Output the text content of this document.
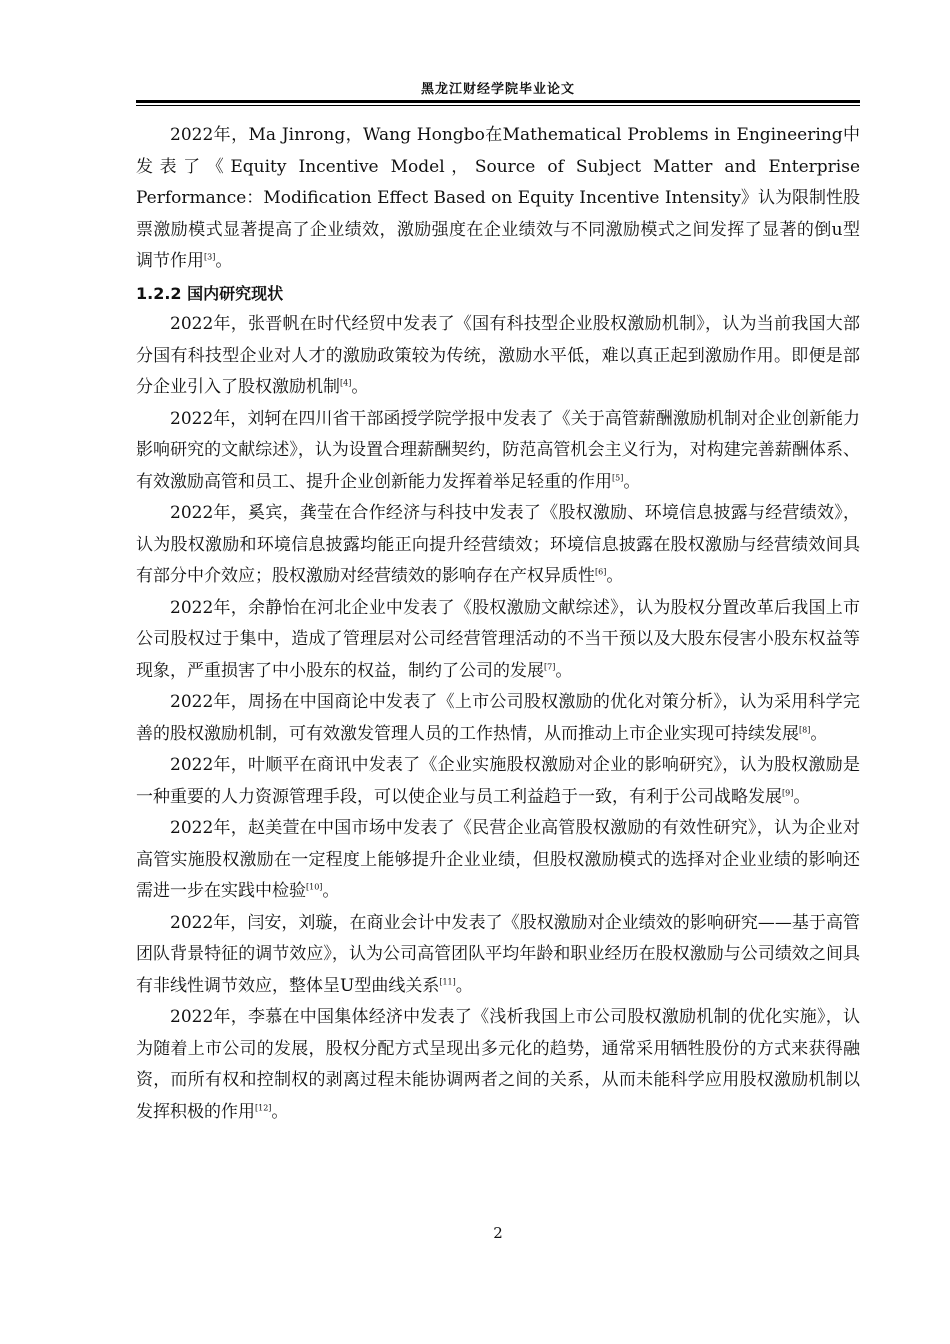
黑龙江财经学院毕业论文

2022年，Ma Jinrong，Wang Hongbo在Mathematical Problems in Engineering中发表了《Equity Incentive Model，Source of Subject Matter and Enterprise Performance：Modification Effect Based on Equity Incentive Intensity》认为限制性股票激励模式显著提高了企业绩效，激励强度在企业绩效与不同激励模式之间发挥了显著的倒u型调节作用[3]。

1.2.2 国内研究现状

2022年，张晋帆在时代经贸中发表了《国有科技型企业股权激励机制》，认为当前我国大部分国有科技型企业对人才的激励政策较为传统，激励水平低，难以真正起到激励作用。即便是部分企业引入了股权激励机制[4]。

2022年，刘轲在四川省干部函授学院学报中发表了《关于高管薪酬激励机制对企业创新能力影响研究的文献综述》，认为设置合理薪酬契约，防范高管机会主义行为，对构建完善薪酬体系、有效激励高管和员工、提升企业创新能力发挥着举足轻重的作用[5]。

2022年，奚宾，龚莹在合作经济与科技中发表了《股权激励、环境信息披露与经营绩效》，认为股权激励和环境信息披露均能正向提升经营绩效；环境信息披露在股权激励与经营绩效间具有部分中介效应；股权激励对经营绩效的影响存在产权异质性[6]。

2022年，余静怡在河北企业中发表了《股权激励文献综述》，认为股权分置改革后我国上市公司股权过于集中，造成了管理层对公司经营管理活动的不当干预以及大股东侵害小股东权益等现象，严重损害了中小股东的权益，制约了公司的发展[7]。

2022年，周扬在中国商论中发表了《上市公司股权激励的优化对策分析》，认为采用科学完善的股权激励机制，可有效激发管理人员的工作热情，从而推动上市企业实现可持续发展[8]。

2022年，叶顺平在商讯中发表了《企业实施股权激励对企业的影响研究》，认为股权激励是一种重要的人力资源管理手段，可以使企业与员工利益趋于一致，有利于公司战略发展[9]。

2022年，赵美萱在中国市场中发表了《民营企业高管股权激励的有效性研究》，认为企业对高管实施股权激励在一定程度上能够提升企业业绩，但股权激励模式的选择对企业业绩的影响还需进一步在实践中检验[10]。

2022年，闫安，刘璇，在商业会计中发表了《股权激励对企业绩效的影响研究——基于高管团队背景特征的调节效应》，认为公司高管团队平均年龄和职业经历在股权激励与公司绩效之间具有非线性调节效应，整体呈U型曲线关系[11]。

2022年，李慕在中国集体经济中发表了《浅析我国上市公司股权激励机制的优化实施》，认为随着上市公司的发展，股权分配方式呈现出多元化的趋势，通常采用牺牲股份的方式来获得融资，而所有权和控制权的剥离过程未能协调两者之间的关系，从而未能科学应用股权激励机制以发挥积极的作用[12]。

2
